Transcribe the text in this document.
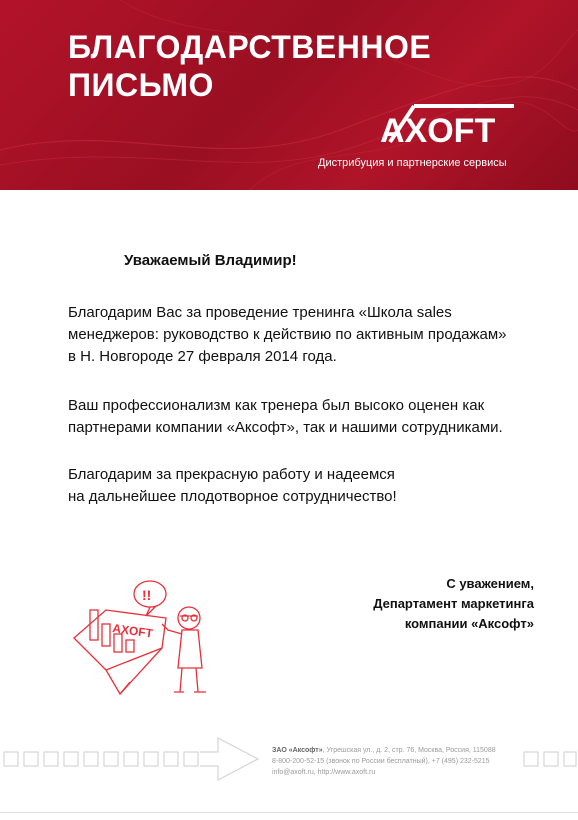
БЛАГОДАРСТВЕННОЕ
ПИСЬМО
AXOFT
Дистрибуция и партнерские сервисы
Уважаемый Владимир!
Благодарим Вас за проведение тренинга «Школа sales
менеджеров: руководство к действию по активным продажам»
в Н. Новгороде 27 февраля 2014 года.
Ваш профессионализм как тренера был высоко оценен как
партнерами компании «Аксофт», так и нашими сотрудниками.
Благодарим за прекрасную работу и надеемся
на дальнейшее плодотворное сотрудничество!
С уважением,
Департамент маркетинга
компании «Аксофт»
!!
AXOFT
ЗАО «Аксофт», Угрешская ул., д. 2, стр. 76, Москва, Россия, 115088
8-800-200-52-15 (звонок по России бесплатный), +7 (495) 232-5215
info@axoft.ru, http://www.axoft.ru
